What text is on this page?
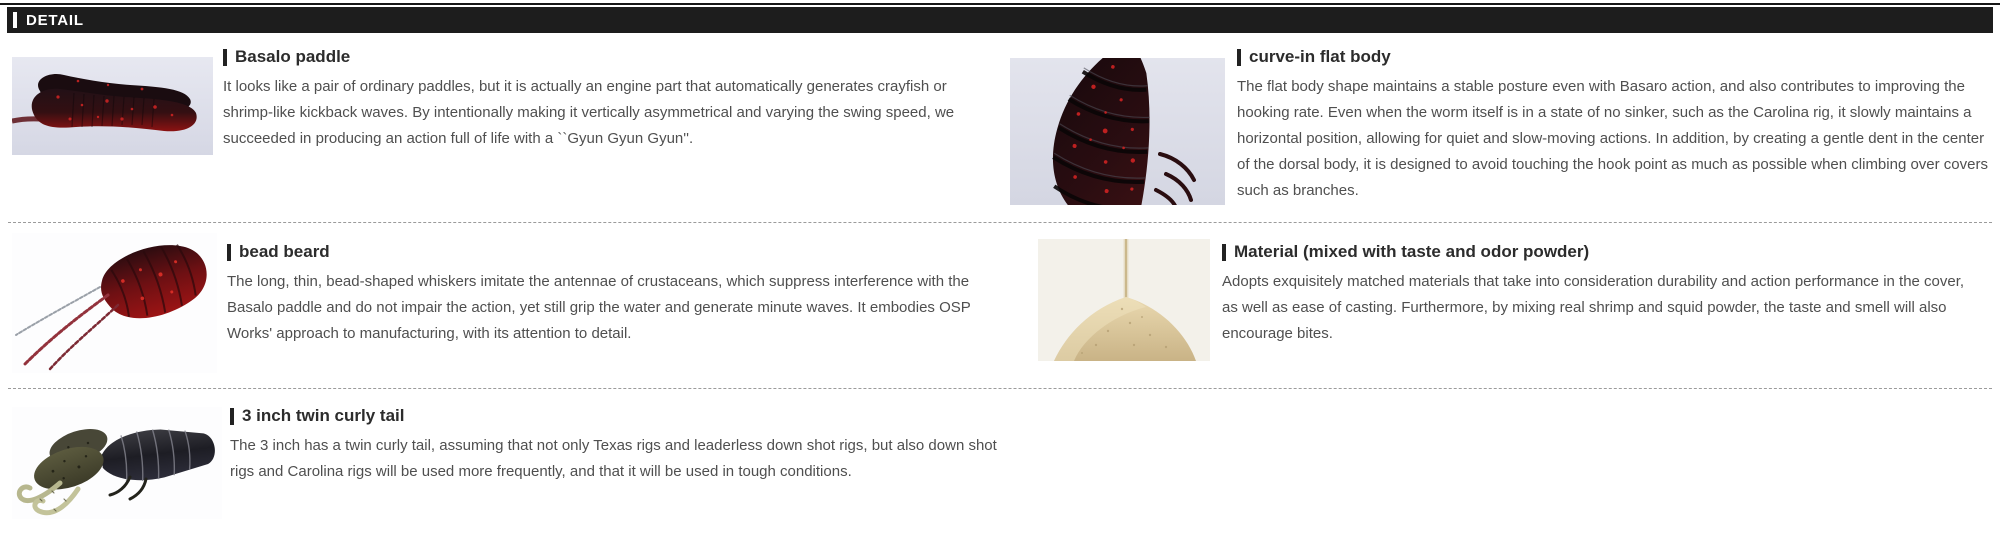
DETAIL
Basalo paddle

It looks like a pair of ordinary paddles, but it is actually an engine part that automatically generates crayfish or shrimp-like kickback waves. By intentionally making it vertically asymmetrical and varying the swing speed, we succeeded in producing an action full of life with a ``Gyun Gyun Gyun''.

curve-in flat body

The flat body shape maintains a stable posture even with Basaro action, and also contributes to improving the hooking rate. Even when the worm itself is in a state of no sinker, such as the Carolina rig, it slowly maintains a horizontal position, allowing for quiet and slow-moving actions. In addition, by creating a gentle dent in the center of the dorsal body, it is designed to avoid touching the hook point as much as possible when climbing over covers such as branches.

bead beard

The long, thin, bead-shaped whiskers imitate the antennae of crustaceans, which suppress interference with the Basalo paddle and do not impair the action, yet still grip the water and generate minute waves. It embodies OSP Works' approach to manufacturing, with its attention to detail.

Material (mixed with taste and odor powder)

Adopts exquisitely matched materials that take into consideration durability and action performance in the cover, as well as ease of casting. Furthermore, by mixing real shrimp and squid powder, the taste and smell will also encourage bites.

3 inch twin curly tail

The 3 inch has a twin curly tail, assuming that not only Texas rigs and leaderless down shot rigs, but also down shot rigs and Carolina rigs will be used more frequently, and that it will be used in tough conditions.
